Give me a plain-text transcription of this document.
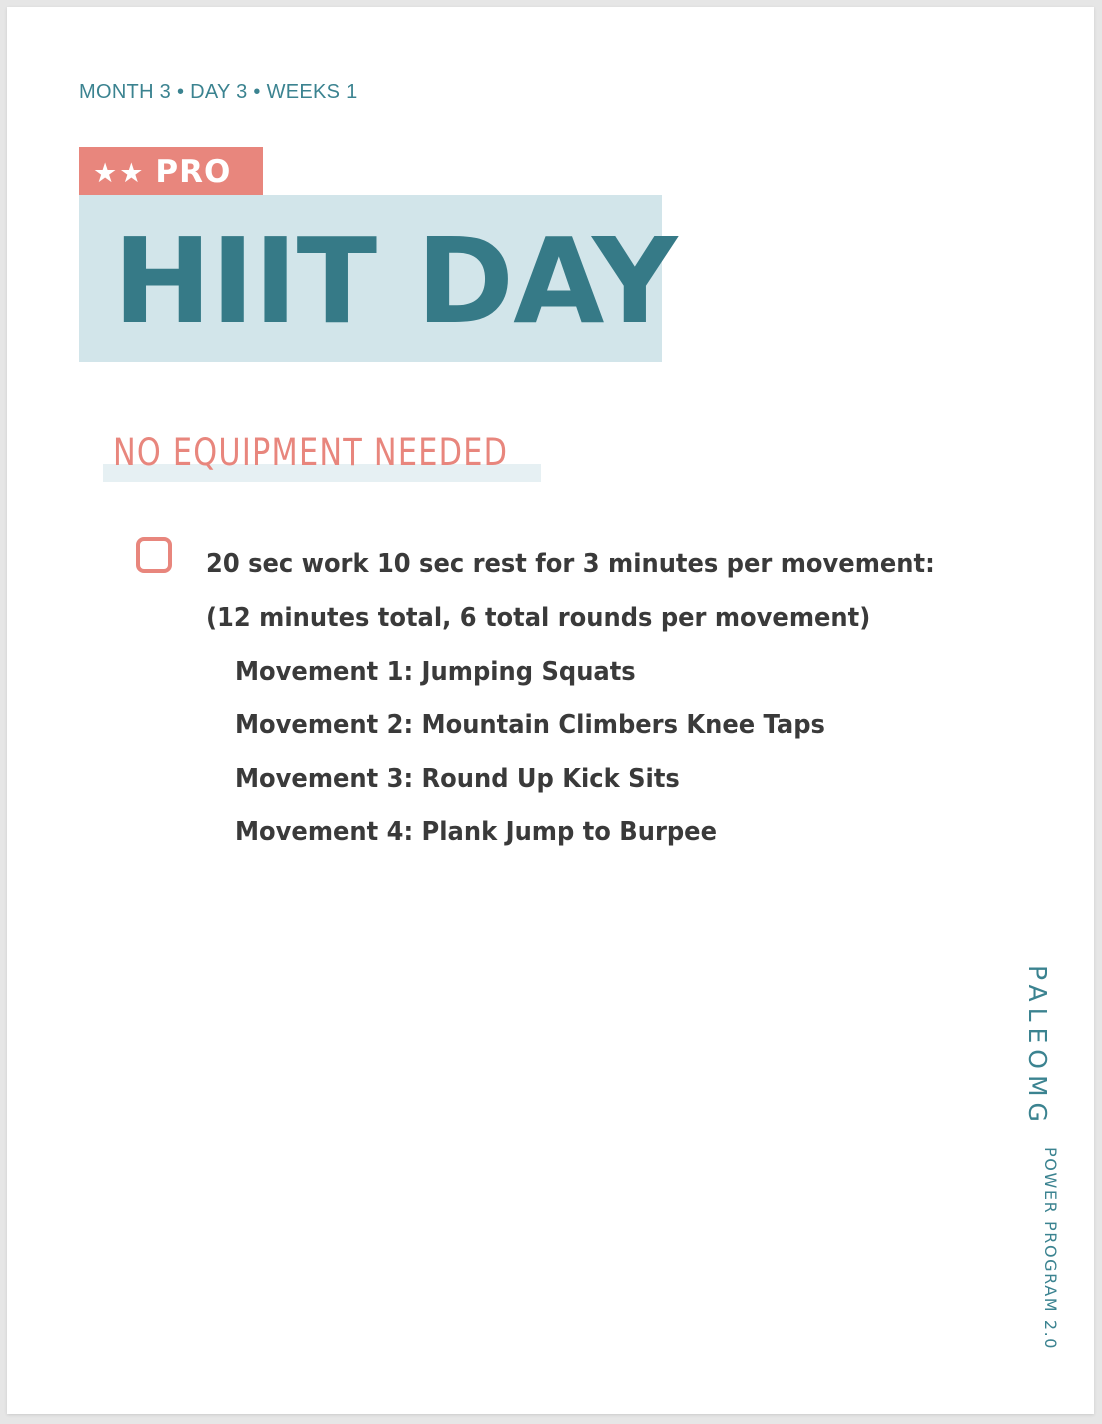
MONTH 3 • DAY 3 • WEEKS 1
★★ PRO
HIIT DAY
NO EQUIPMENT NEEDED
20 sec work 10 sec rest for 3 minutes per movement:
(12 minutes total, 6 total rounds per movement)
Movement 1: Jumping Squats
Movement 2: Mountain Climbers Knee Taps
Movement 3: Round Up Kick Sits
Movement 4: Plank Jump to Burpee
PALEOMG
POWER PROGRAM 2.0
